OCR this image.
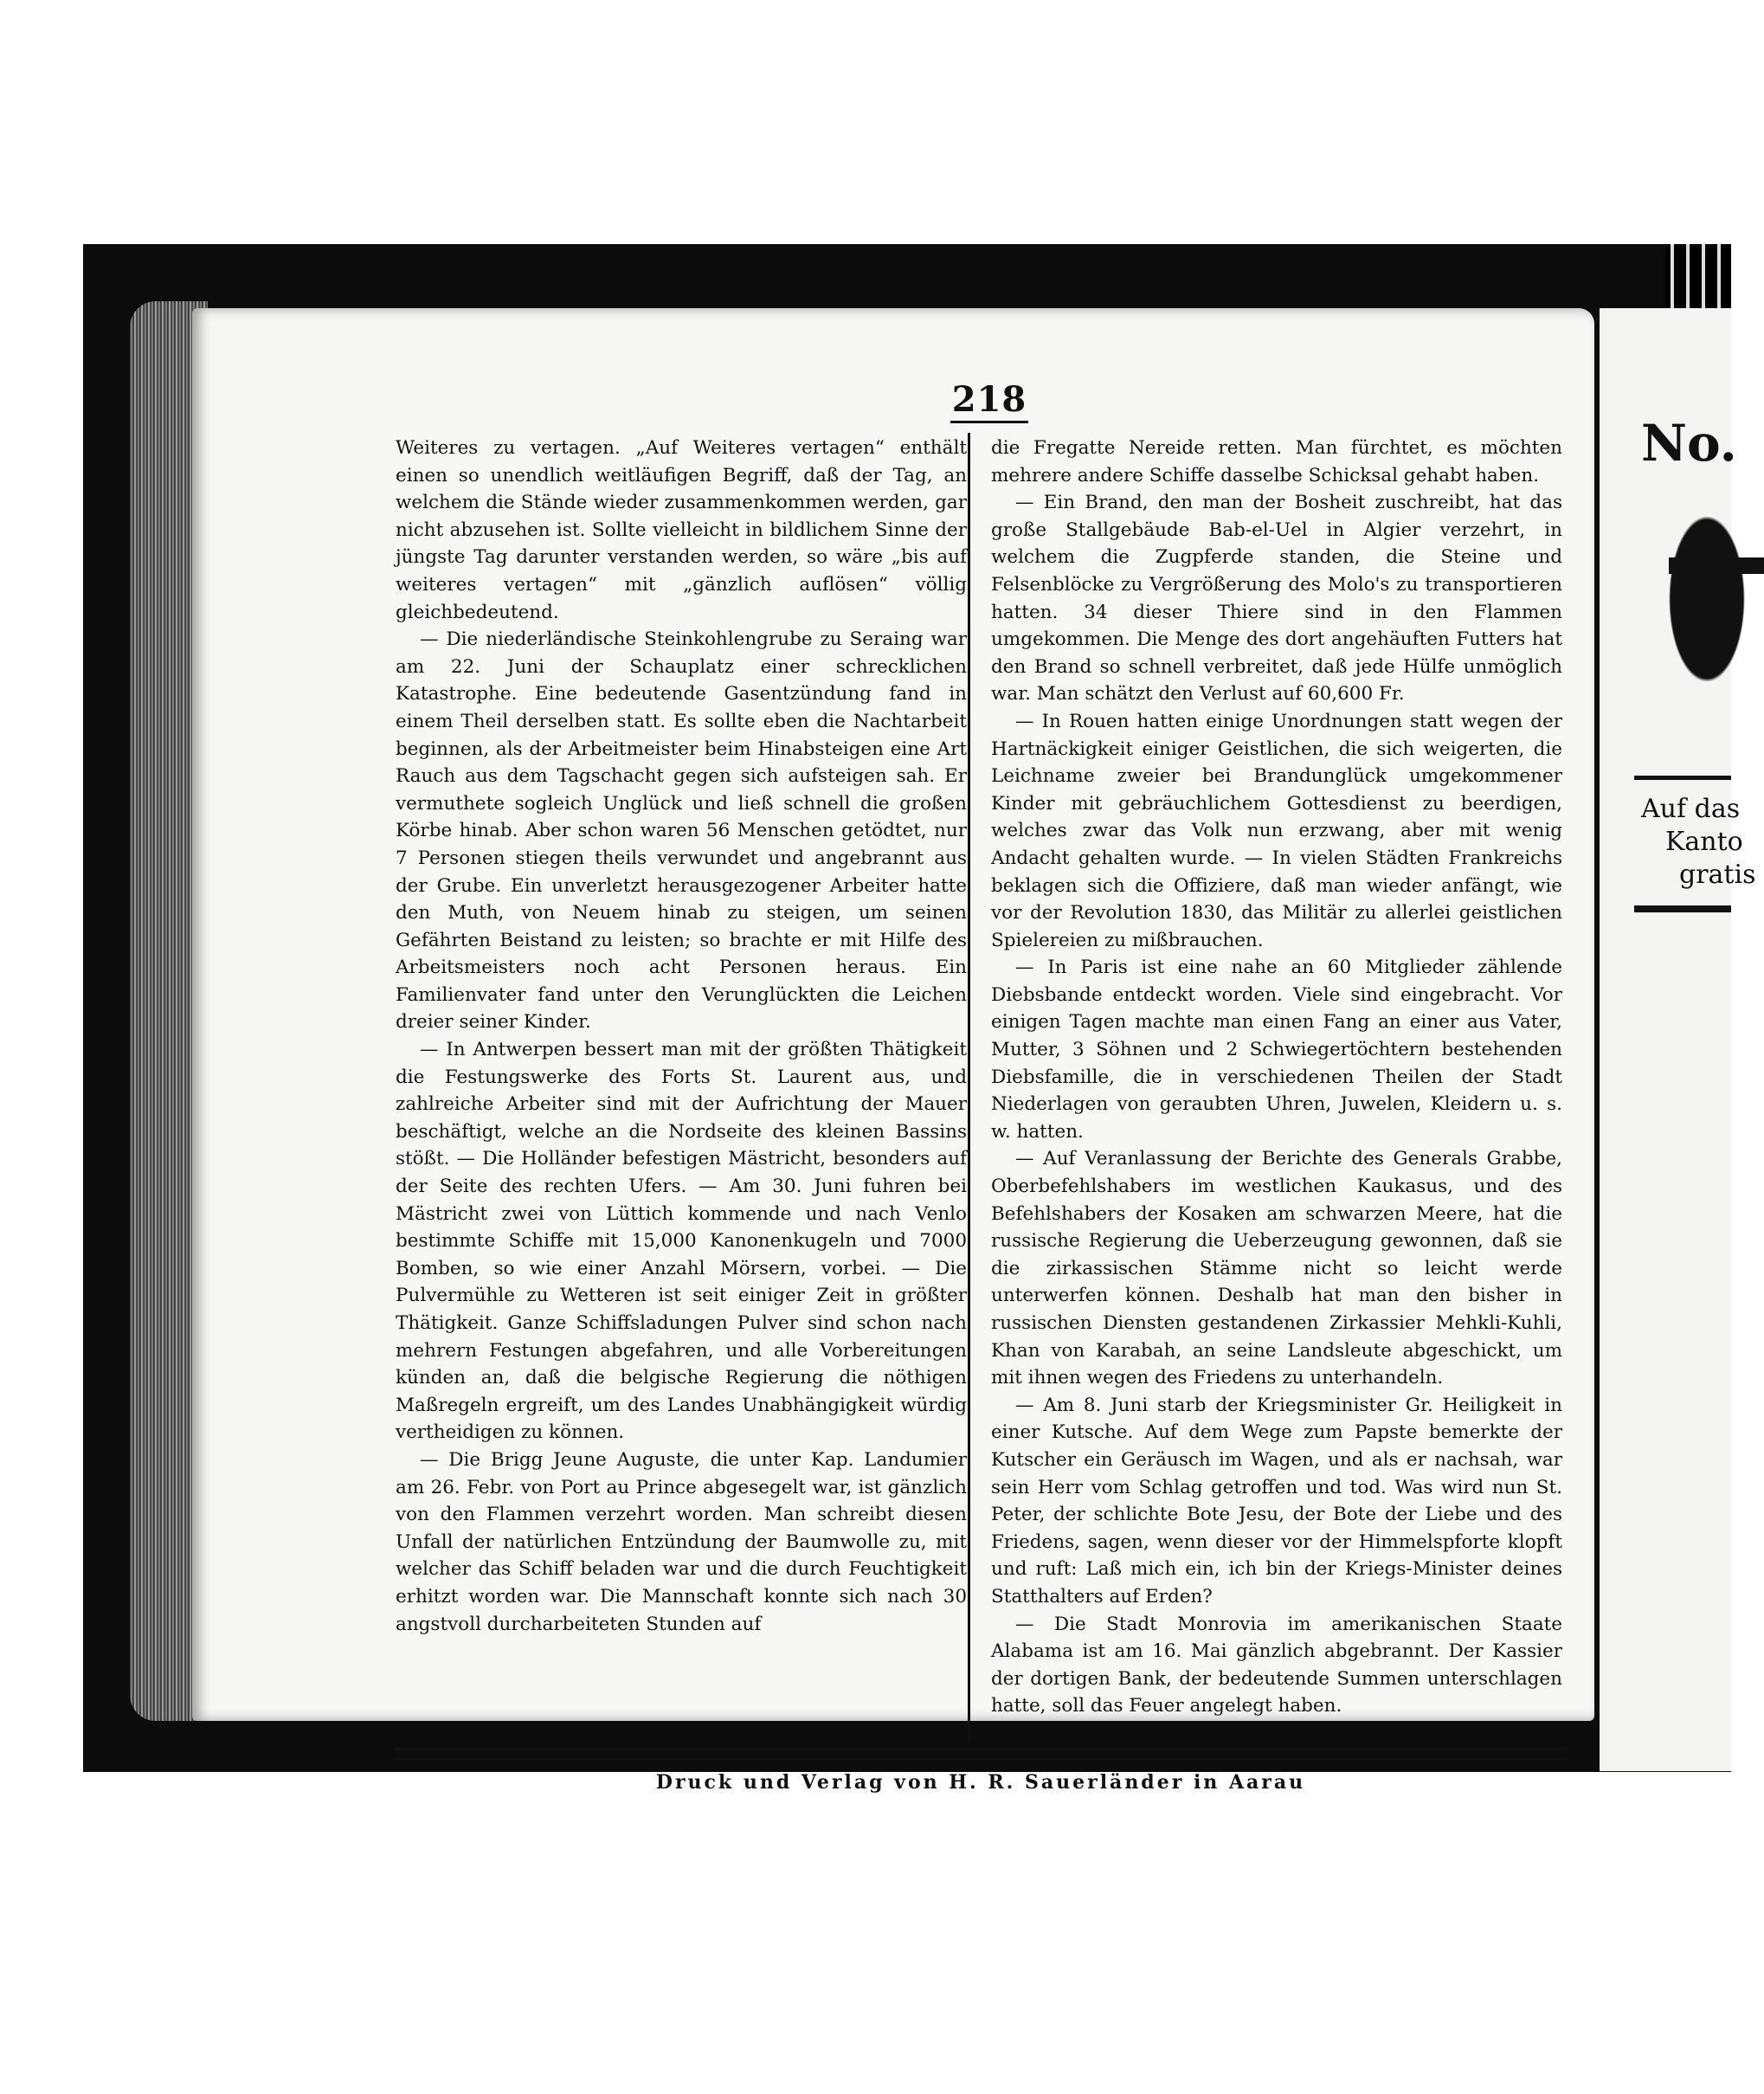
218

Weiteres zu vertagen. „Auf Weiteres vertagen“ enthält einen so unendlich weitläufigen Begriff, daß der Tag, an welchem die Stände wieder zusammenkommen werden, gar nicht abzusehen ist. Sollte vielleicht in bildlichem Sinne der jüngste Tag darunter verstanden werden, so wäre „bis auf weiteres vertagen“ mit „gänzlich auflösen“ völlig gleichbedeutend.

— Die niederländische Steinkohlengrube zu Seraing war am 22. Juni der Schauplatz einer schrecklichen Katastrophe. Eine bedeutende Gasentzündung fand in einem Theil derselben statt. Es sollte eben die Nachtarbeit beginnen, als der Arbeitmeister beim Hinabsteigen eine Art Rauch aus dem Tagschacht gegen sich aufsteigen sah. Er vermuthete sogleich Unglück und ließ schnell die großen Körbe hinab. Aber schon waren 56 Menschen getödtet, nur 7 Personen stiegen theils verwundet und angebrannt aus der Grube. Ein unverletzt herausgezogener Arbeiter hatte den Muth, von Neuem hinab zu steigen, um seinen Gefährten Beistand zu leisten; so brachte er mit Hilfe des Arbeitsmeisters noch acht Personen heraus. Ein Familienvater fand unter den Verunglückten die Leichen dreier seiner Kinder.

— In Antwerpen bessert man mit der größten Thätigkeit die Festungswerke des Forts St. Laurent aus, und zahlreiche Arbeiter sind mit der Aufrichtung der Mauer beschäftigt, welche an die Nordseite des kleinen Bassins stößt. — Die Holländer befestigen Mästricht, besonders auf der Seite des rechten Ufers. — Am 30. Juni fuhren bei Mästricht zwei von Lüttich kommende und nach Venlo bestimmte Schiffe mit 15,000 Kanonenkugeln und 7000 Bomben, so wie einer Anzahl Mörsern, vorbei. — Die Pulvermühle zu Wetteren ist seit einiger Zeit in größter Thätigkeit. Ganze Schiffsladungen Pulver sind schon nach mehrern Festungen abgefahren, und alle Vorbereitungen künden an, daß die belgische Regierung die nöthigen Maßregeln ergreift, um des Landes Unabhängigkeit würdig vertheidigen zu können.

— Die Brigg Jeune Auguste, die unter Kap. Landumier am 26. Febr. von Port au Prince abgesegelt war, ist gänzlich von den Flammen verzehrt worden. Man schreibt diesen Unfall der natürlichen Entzündung der Baumwolle zu, mit welcher das Schiff beladen war und die durch Feuchtigkeit erhitzt worden war. Die Mannschaft konnte sich nach 30 angstvoll durcharbeiteten Stunden auf

die Fregatte Nereide retten. Man fürchtet, es möchten mehrere andere Schiffe dasselbe Schicksal gehabt haben.

— Ein Brand, den man der Bosheit zuschreibt, hat das große Stallgebäude Bab-el-Uel in Algier verzehrt, in welchem die Zugpferde standen, die Steine und Felsenblöcke zu Vergrößerung des Molo's zu transportieren hatten. 34 dieser Thiere sind in den Flammen umgekommen. Die Menge des dort angehäuften Futters hat den Brand so schnell verbreitet, daß jede Hülfe unmöglich war. Man schätzt den Verlust auf 60,600 Fr.

— In Rouen hatten einige Unordnungen statt wegen der Hartnäckigkeit einiger Geistlichen, die sich weigerten, die Leichname zweier bei Brandunglück umgekommener Kinder mit gebräuchlichem Gottesdienst zu beerdigen, welches zwar das Volk nun erzwang, aber mit wenig Andacht gehalten wurde. — In vielen Städten Frankreichs beklagen sich die Offiziere, daß man wieder anfängt, wie vor der Revolution 1830, das Militär zu allerlei geistlichen Spielereien zu mißbrauchen.

— In Paris ist eine nahe an 60 Mitglieder zählende Diebsbande entdeckt worden. Viele sind eingebracht. Vor einigen Tagen machte man einen Fang an einer aus Vater, Mutter, 3 Söhnen und 2 Schwiegertöchtern bestehenden Diebsfamille, die in verschiedenen Theilen der Stadt Niederlagen von geraubten Uhren, Juwelen, Kleidern u. s. w. hatten.

— Auf Veranlassung der Berichte des Generals Grabbe, Oberbefehlshabers im westlichen Kaukasus, und des Befehlshabers der Kosaken am schwarzen Meere, hat die russische Regierung die Ueberzeugung gewonnen, daß sie die zirkassischen Stämme nicht so leicht werde unterwerfen können. Deshalb hat man den bisher in russischen Diensten gestandenen Zirkassier Mehkli-Kuhli, Khan von Karabah, an seine Landsleute abgeschickt, um mit ihnen wegen des Friedens zu unterhandeln.

— Am 8. Juni starb der Kriegsminister Gr. Heiligkeit in einer Kutsche. Auf dem Wege zum Papste bemerkte der Kutscher ein Geräusch im Wagen, und als er nachsah, war sein Herr vom Schlag getroffen und tod. Was wird nun St. Peter, der schlichte Bote Jesu, der Bote der Liebe und des Friedens, sagen, wenn dieser vor der Himmelspforte klopft und ruft: Laß mich ein, ich bin der Kriegs-Minister deines Statthalters auf Erden?

— Die Stadt Monrovia im amerikanischen Staate Alabama ist am 16. Mai gänzlich abgebrannt. Der Kassier der dortigen Bank, der bedeutende Summen unterschlagen hatte, soll das Feuer angelegt haben.

Druck und Verlag von H. R. Sauerländer in Aarau
No.
Auf das
Kanto
gratis
